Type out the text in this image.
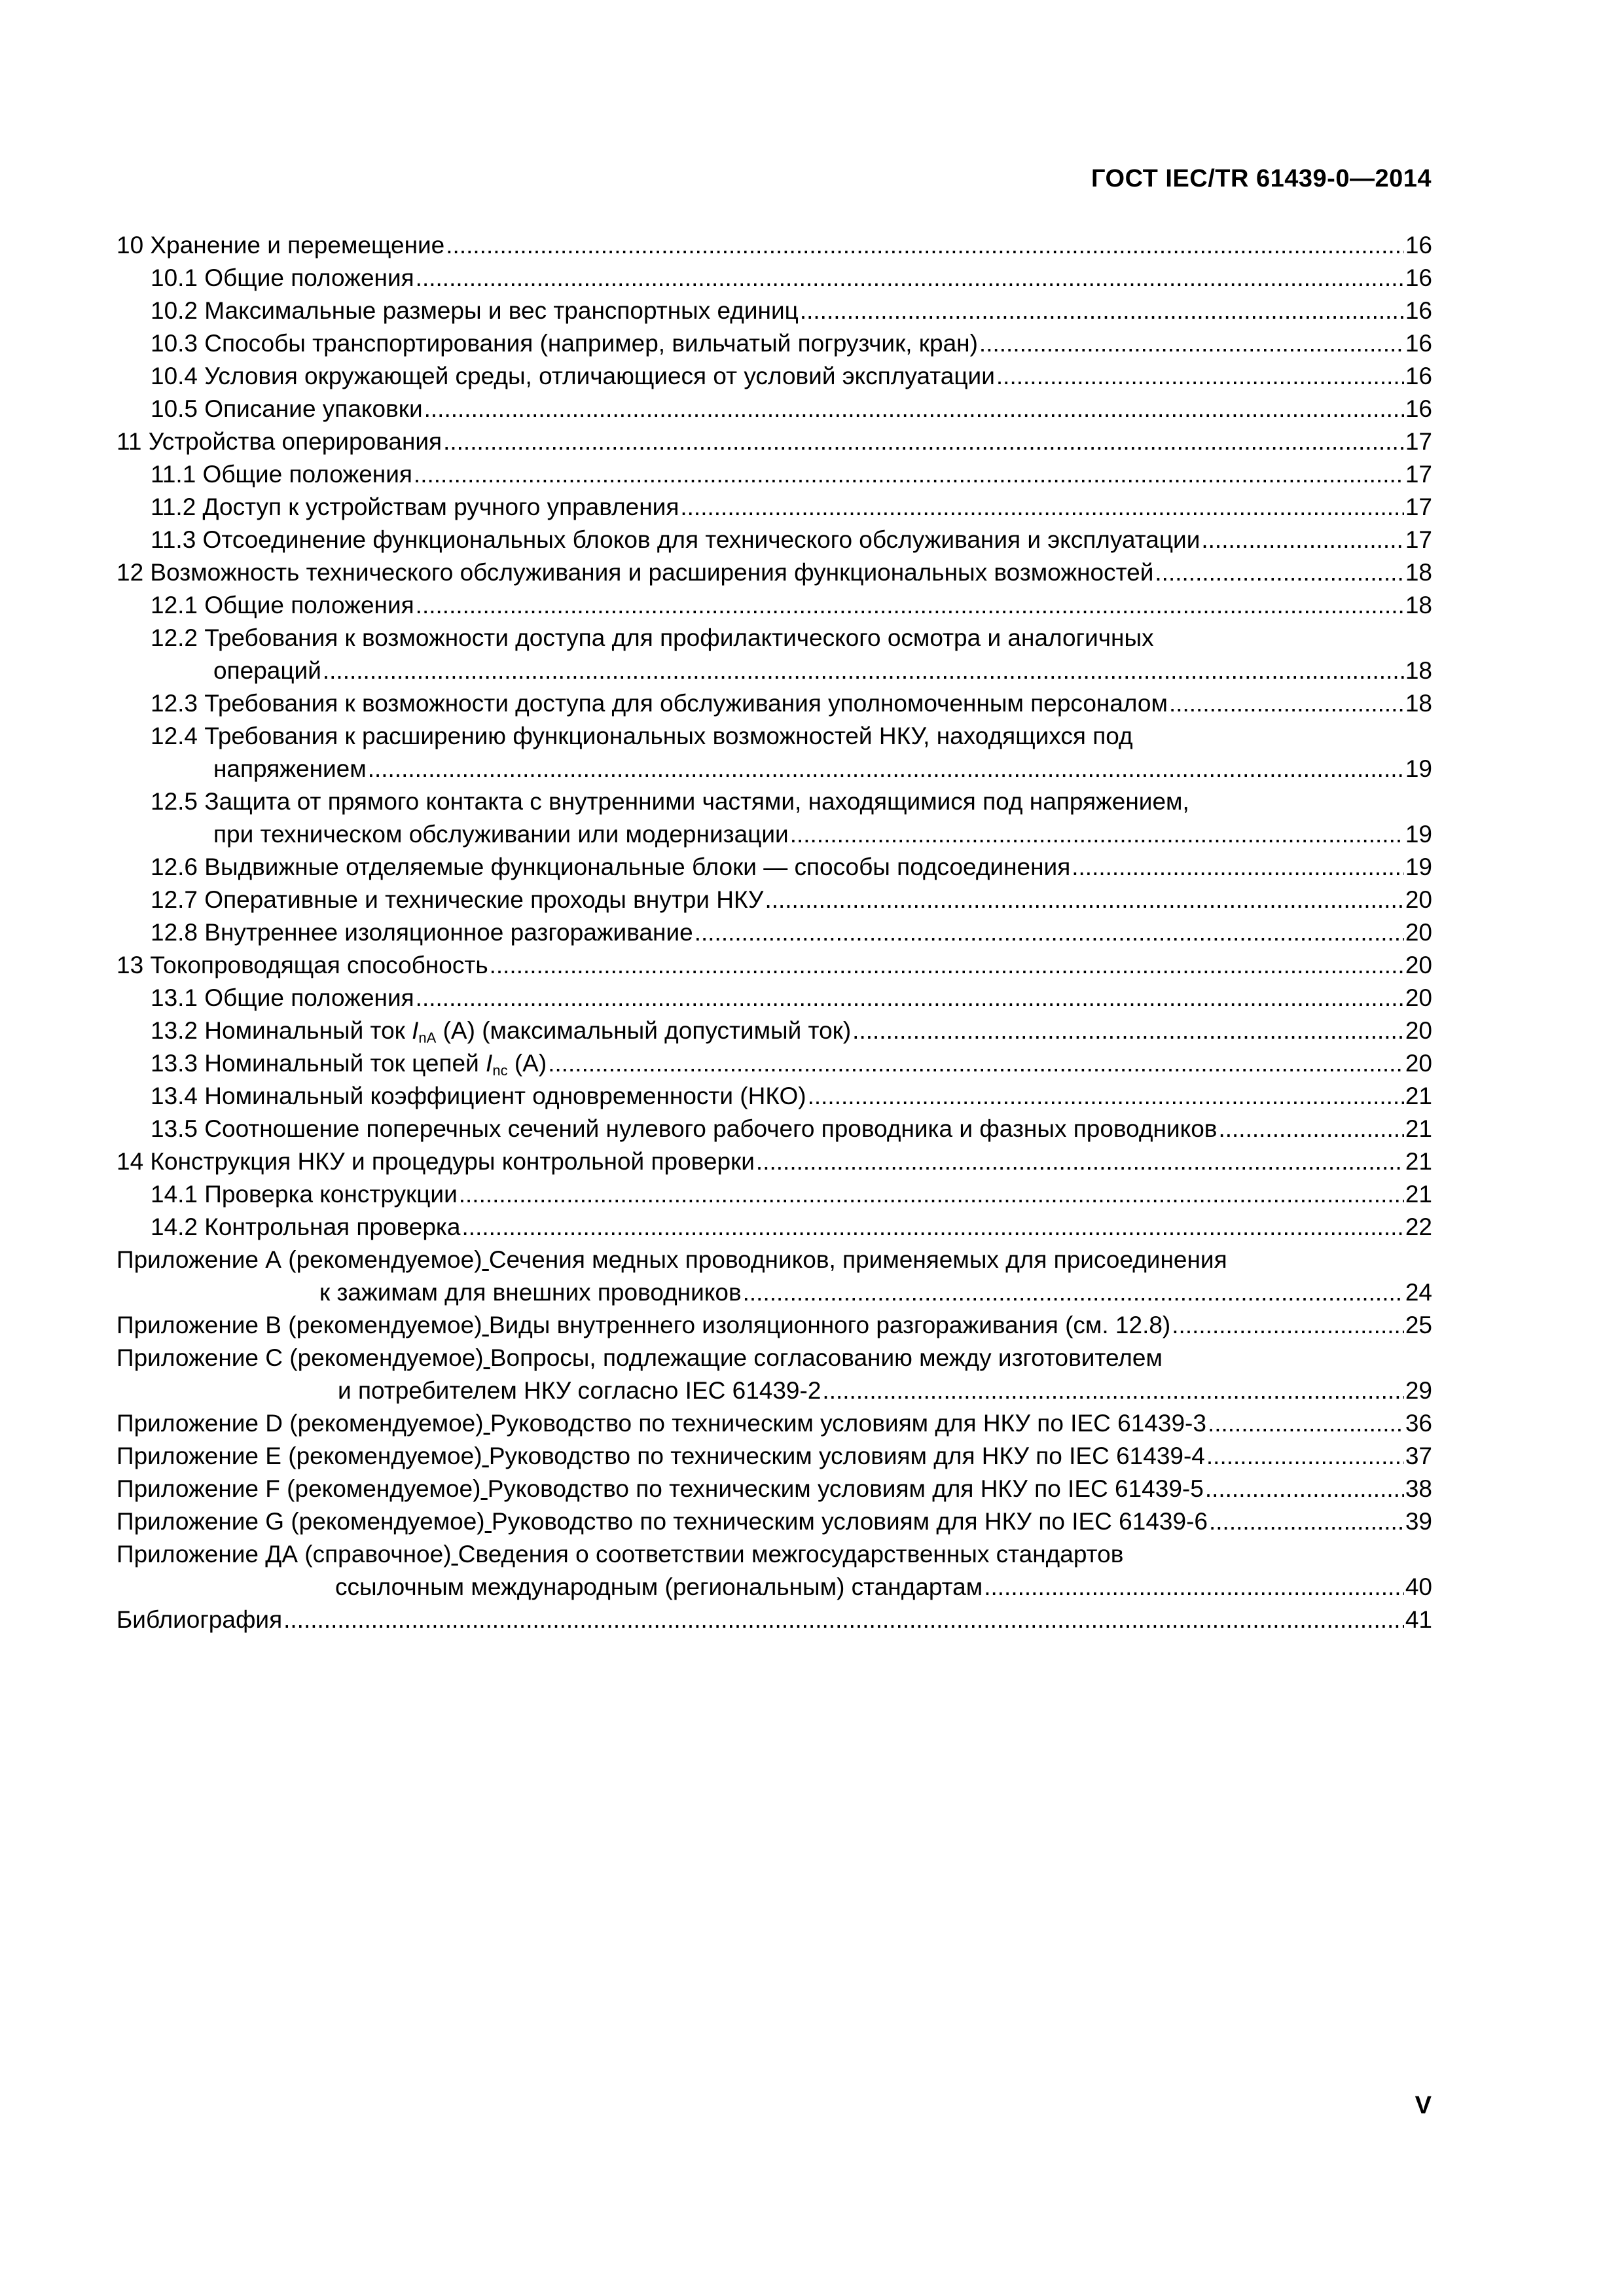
ГОСТ IEC/TR 61439-0—2014
10 Хранение и перемещение .....	16
10.1 Общие положения .....	16
10.2 Максимальные размеры и вес транспортных единиц .....	16
10.3 Способы транспортирования (например, вильчатый погрузчик, кран) .....	16
10.4 Условия окружающей среды, отличающиеся от условий эксплуатации .....	16
10.5 Описание упаковки .....	16
11 Устройства оперирования .....	17
11.1 Общие положения .....	17
11.2 Доступ к устройствам ручного управления .....	17
11.3 Отсоединение функциональных блоков для технического обслуживания и эксплуатации .....	17
12 Возможность технического обслуживания и расширения функциональных возможностей .....	18
12.1 Общие положения .....	18
12.2 Требования к возможности доступа для профилактического осмотра и аналогичных
операций .....	18
12.3 Требования к возможности доступа для обслуживания уполномоченным персоналом .....	18
12.4 Требования к расширению функциональных возможностей НКУ, находящихся под
напряжением .....	19
12.5 Защита от прямого контакта с внутренними частями, находящимися под напряжением,
при техническом обслуживании или модернизации .....	19
12.6 Выдвижные отделяемые функциональные блоки — способы подсоединения .....	19
12.7 Оперативные и технические проходы внутри НКУ .....	20
12.8 Внутреннее изоляционное разгораживание .....	20
13 Токопроводящая способность .....	20
13.1 Общие положения .....	20
13.2 Номинальный ток $I_{nA}$ (A) (максимальный допустимый ток) .....	20
13.3 Номинальный ток цепей $I_{nc}$ (A) .....	20
13.4 Номинальный коэффициент одновременности (НКО) .....	21
13.5 Соотношение поперечных сечений нулевого рабочего проводника и фазных проводников .....	21
14 Конструкция НКУ и процедуры контрольной проверки .....	21
14.1 Проверка конструкции .....	21
14.2 Контрольная проверка .....	22
Приложение А (рекомендуемое) Сечения медных проводников, применяемых для присоединения
к зажимам для внешних проводников .....	24
Приложение В (рекомендуемое) Виды внутреннего изоляционного разгораживания (см. 12.8) .....	25
Приложение С (рекомендуемое) Вопросы, подлежащие согласованию между изготовителем
и потребителем НКУ согласно IEC 61439-2 .....	29
Приложение D (рекомендуемое) Руководство по техническим условиям для НКУ по IEC 61439-3 .....	36
Приложение Е (рекомендуемое) Руководство по техническим условиям для НКУ по IEC 61439-4 .....	37
Приложение F (рекомендуемое) Руководство по техническим условиям для НКУ по IEC 61439-5 .....	38
Приложение G (рекомендуемое) Руководство по техническим условиям для НКУ по IEC 61439-6 .....	39
Приложение ДА (справочное) Сведения о соответствии межгосударственных стандартов
ссылочным международным (региональным) стандартам .....	40
Библиография .....	41
V
